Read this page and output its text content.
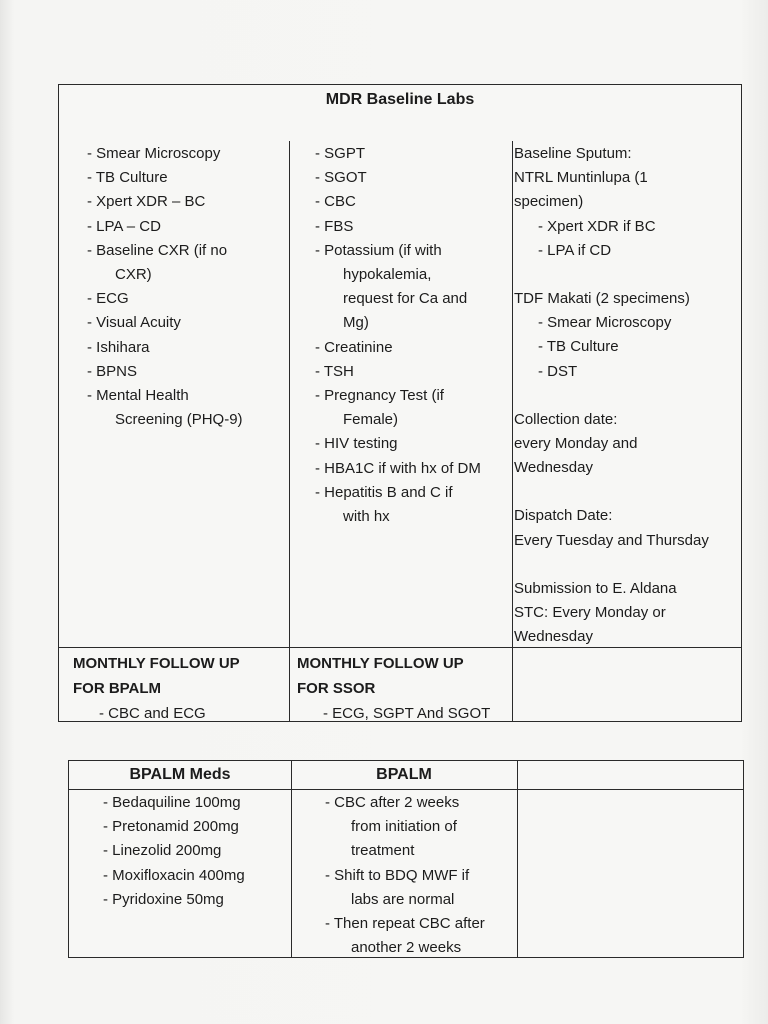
MDR Baseline Labs
- Smear Microscopy
- TB Culture
- Xpert XDR – BC
- LPA – CD
- Baseline CXR (if no
CXR)
- ECG
- Visual Acuity
- Ishihara
- BPNS
- Mental Health
Screening (PHQ-9)
- SGPT
- SGOT
- CBC
- FBS
- Potassium (if with
hypokalemia,
request for Ca and
Mg)
- Creatinine
- TSH
- Pregnancy Test (if
Female)
- HIV testing
- HBA1C if with hx of DM
- Hepatitis B and C if
with hx
Baseline Sputum:
NTRL Muntinlupa (1
specimen)
- Xpert XDR if BC
- LPA if CD
TDF Makati (2 specimens)
- Smear Microscopy
- TB Culture
- DST
Collection date:
every Monday and
Wednesday
Dispatch Date:
Every Tuesday and Thursday
Submission to E. Aldana
STC: Every Monday or
Wednesday
MONTHLY FOLLOW UP
FOR BPALM
- CBC and ECG
MONTHLY FOLLOW UP
FOR SSOR
- ECG, SGPT And SGOT
BPALM Meds	BPALM
- Bedaquiline 100mg
- Pretonamid 200mg
- Linezolid 200mg
- Moxifloxacin 400mg
- Pyridoxine 50mg
- CBC after 2 weeks
from initiation of
treatment
- Shift to BDQ MWF if
labs are normal
- Then repeat CBC after
another 2 weeks
